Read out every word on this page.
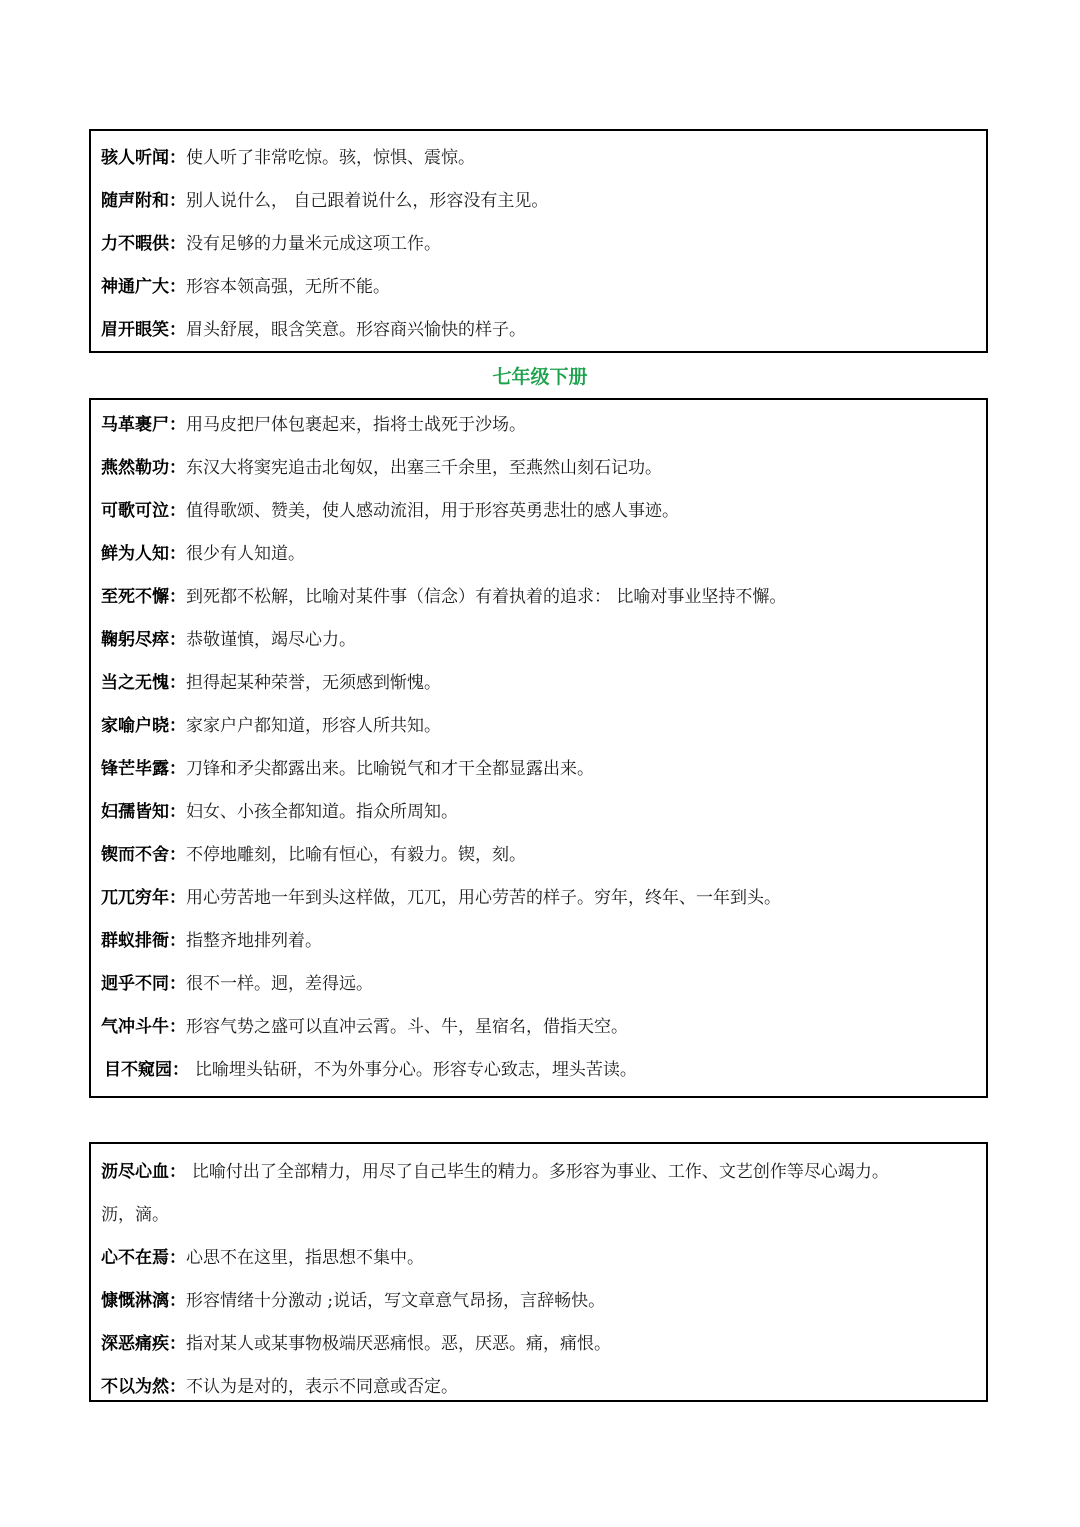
骇人听闻：使人听了非常吃惊。骇，惊惧、震惊。
随声附和：别人说什么， 自己跟着说什么，形容没有主见。
力不暇供：没有足够的力量米元成这项工作。
神通广大：形容本领高强，无所不能。
眉开眼笑：眉头舒展，眼含笑意。形容商兴愉快的样子。
七年级下册
马革裹尸：用马皮把尸体包裹起来，指将士战死于沙场。
燕然勒功：东汉大将窦宪追击北匈奴，出塞三千余里，至燕然山刻石记功。
可歌可泣：值得歌颂、赞美，使人感动流泪，用于形容英勇悲壮的感人事迹。
鲜为人知：很少有人知道。
至死不懈：到死都不松解，比喻对某件事（信念）有着执着的追求： 比喻对事业坚持不懈。
鞠躬尽瘁：恭敬谨慎，竭尽心力。
当之无愧：担得起某种荣誉，无须感到惭愧。
家喻户晓：家家户户都知道，形容人所共知。
锋芒毕露：刀锋和矛尖都露出来。比喻锐气和才干全都显露出来。
妇孺皆知：妇女、小孩全都知道。指众所周知。
锲而不舍：不停地雕刻，比喻有恒心，有毅力。锲，刻。
兀兀穷年：用心劳苦地一年到头这样做，兀兀，用心劳苦的样子。穷年，终年、一年到头。
群蚁排衙：指整齐地排列着。
迥乎不同：很不一样。迥，差得远。
气冲斗牛：形容气势之盛可以直冲云霄。斗、牛，星宿名，借指天空。
目不窥园： 比喻埋头钻研，不为外事分心。形容专心致志，埋头苦读。
沥尽心血： 比喻付出了全部精力，用尽了自己毕生的精力。多形容为事业、工作、文艺创作等尽心竭力。
沥，滴。
心不在焉：心思不在这里，指思想不集中。
慷慨淋漓：形容情绪十分激动 ;说话，写文章意气昂扬，言辞畅快。
深恶痛疾：指对某人或某事物极端厌恶痛恨。恶，厌恶。痛，痛恨。
不以为然：不认为是对的，表示不同意或否定。
